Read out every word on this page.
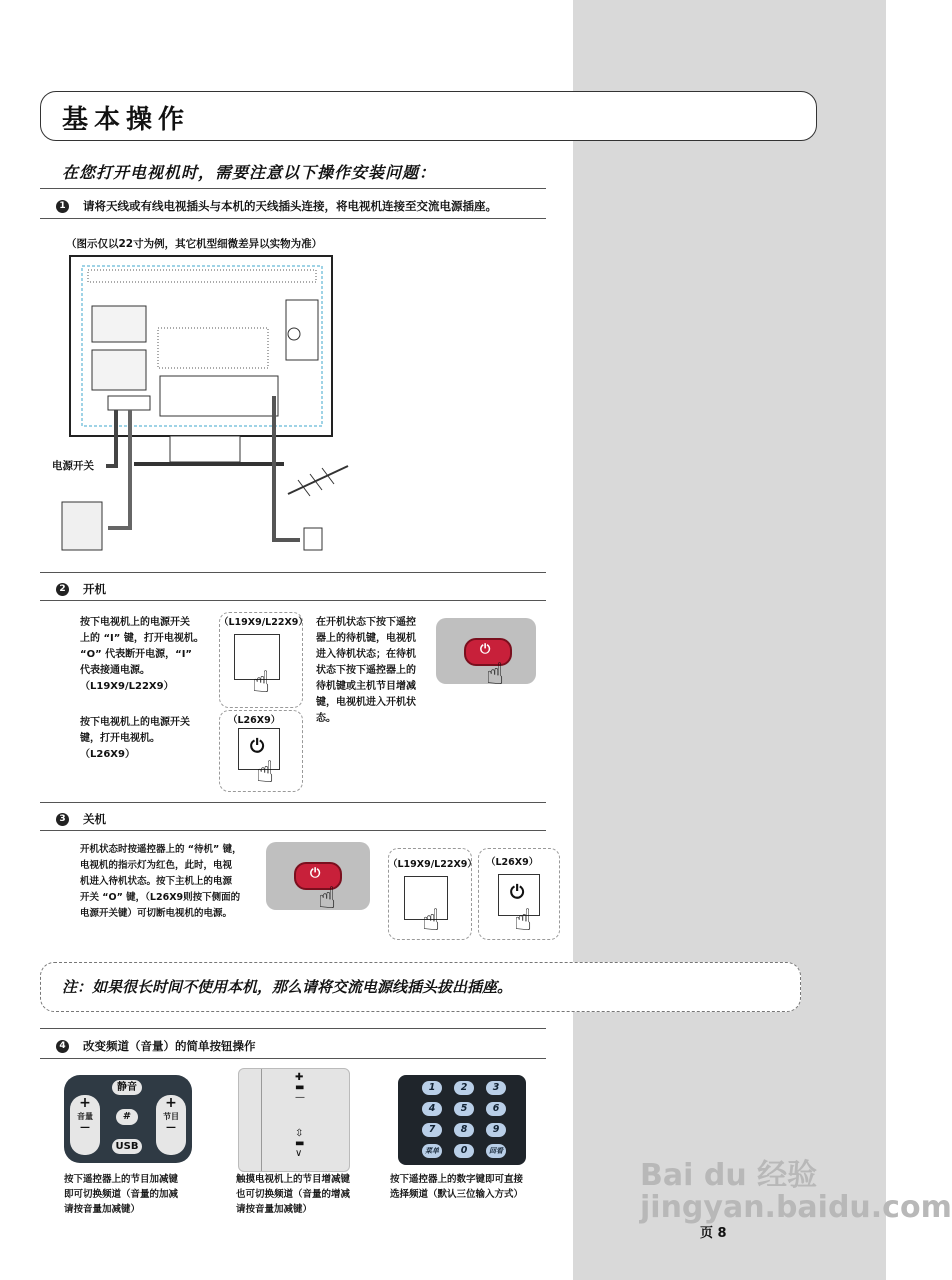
基本操作
在您打开电视机时，需要注意以下操作安装问题：
1 请将天线或有线电视插头与本机的天线插头连接，将电视机连接至交流电源插座。
（图示仅以22寸为例，其它机型细微差异以实物为准）
电源开关
2 开机
按下电视机上的电源开关
上的 “I” 键，打开电视机。
“O” 代表断开电源，“I”
代表接通电源。
（L19X9/L22X9）
按下电视机上的电源开关
键，打开电视机。
（L26X9）
（L19X9/L22X9）
☝
（L26X9）
⏻
☝
在开机状态下按下遥控
器上的待机键，电视机
进入待机状态；在待机
状态下按下遥控器上的
待机键或主机节目增减
键，电视机进入开机状
态。
⏻
☝
3 关机
开机状态时按遥控器上的 “待机” 键，
电视机的指示灯为红色，此时，电视
机进入待机状态。按下主机上的电源
开关 “O” 键，（L26X9则按下侧面的
电源开关键）可切断电视机的电源。
⏻
☝
（L19X9/L22X9）
☝
（L26X9）
⏻
☝
注：如果很长时间不使用本机，那么请将交流电源线插头拔出插座。
4 改变频道（音量）的简单按钮操作
静音
#
USB
+
音量
—
+
节目
—
✚
▬
—
⇳
▬
∨
1	2	3
4	5	6
7	8	9
菜单	0	回看
按下遥控器上的节目加减键
即可切换频道（音量的加减
请按音量加减键）
触摸电视机上的节目增减键
也可切换频道（音量的增减
请按音量加减键）
按下遥控器上的数字键即可直接
选择频道（默认三位输入方式）
Bai du 经验 jingyan.baidu.com
页 8
